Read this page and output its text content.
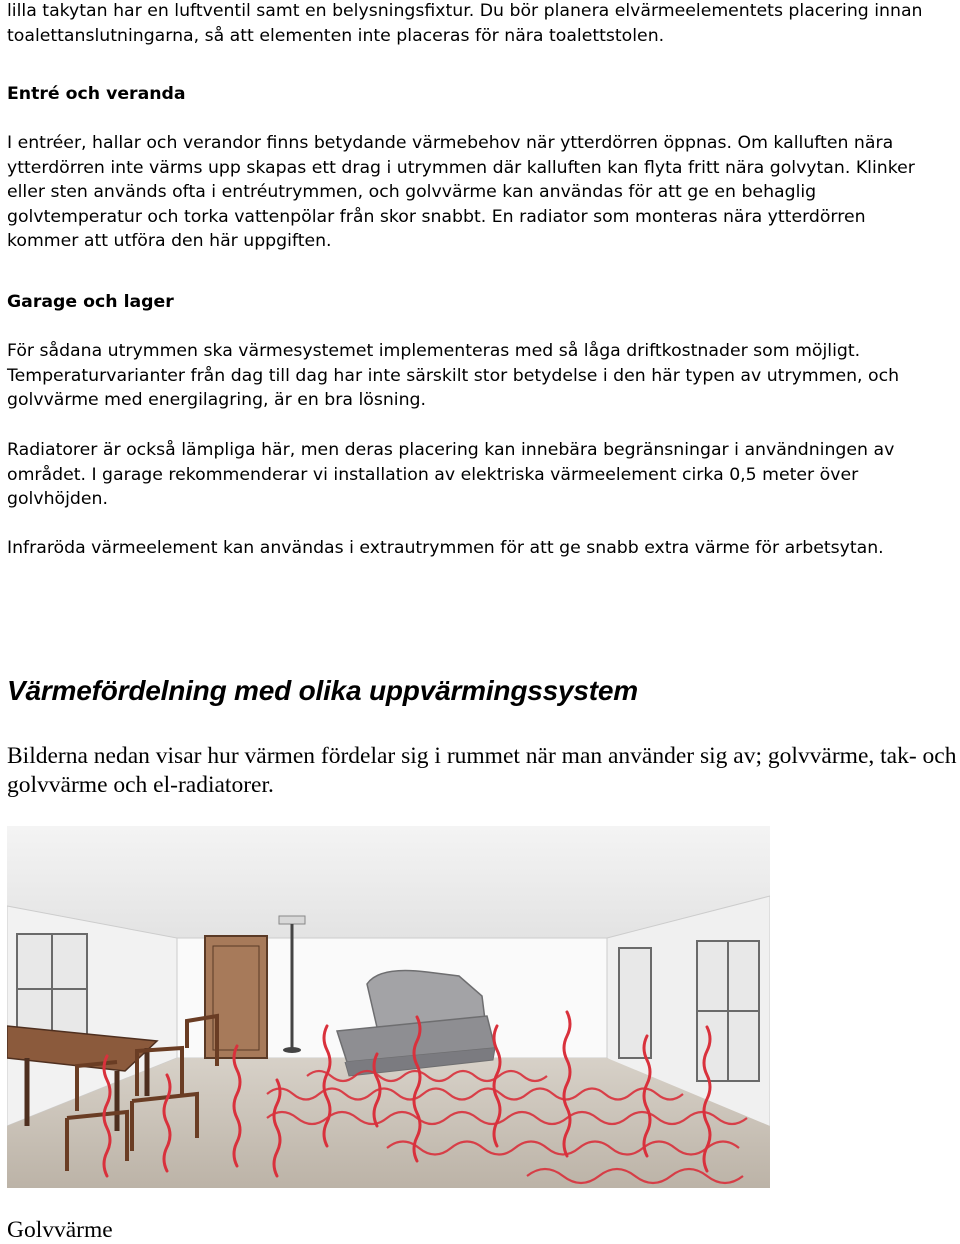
lilla takytan har en luftventil samt en belysningsfixtur. Du bör planera elvärmeelementets placering innan toalettanslutningarna, så att elementen inte placeras för nära toalettstolen.
Entré och veranda
I entréer, hallar och verandor finns betydande värmebehov när ytterdörren öppnas. Om kalluften nära ytterdörren inte värms upp skapas ett drag i utrymmen där kalluften kan flyta fritt nära golvytan. Klinker eller sten används ofta i entréutrymmen, och golvvärme kan användas för att ge en behaglig golvtemperatur och torka vattenpölar från skor snabbt. En radiator som monteras nära ytterdörren kommer att utföra den här uppgiften.
Garage och lager
För sådana utrymmen ska värmesystemet implementeras med så låga driftkostnader som möjligt. Temperaturvarianter från dag till dag har inte särskilt stor betydelse i den här typen av utrymmen, och golvvärme med energilagring, är en bra lösning.
Radiatorer är också lämpliga här, men deras placering kan innebära begränsningar i användningen av området. I garage rekommenderar vi installation av elektriska värmeelement cirka 0,5 meter över golvhöjden.
Infraröda värmeelement kan användas i extrautrymmen för att ge snabb extra värme för arbetsytan.
Värmefördelning med olika uppvärmingssystem
Bilderna nedan visar hur värmen fördelar sig i rummet när man använder sig av; golvvärme, tak- och golvvärme och el-radiatorer.
Golvvärme
